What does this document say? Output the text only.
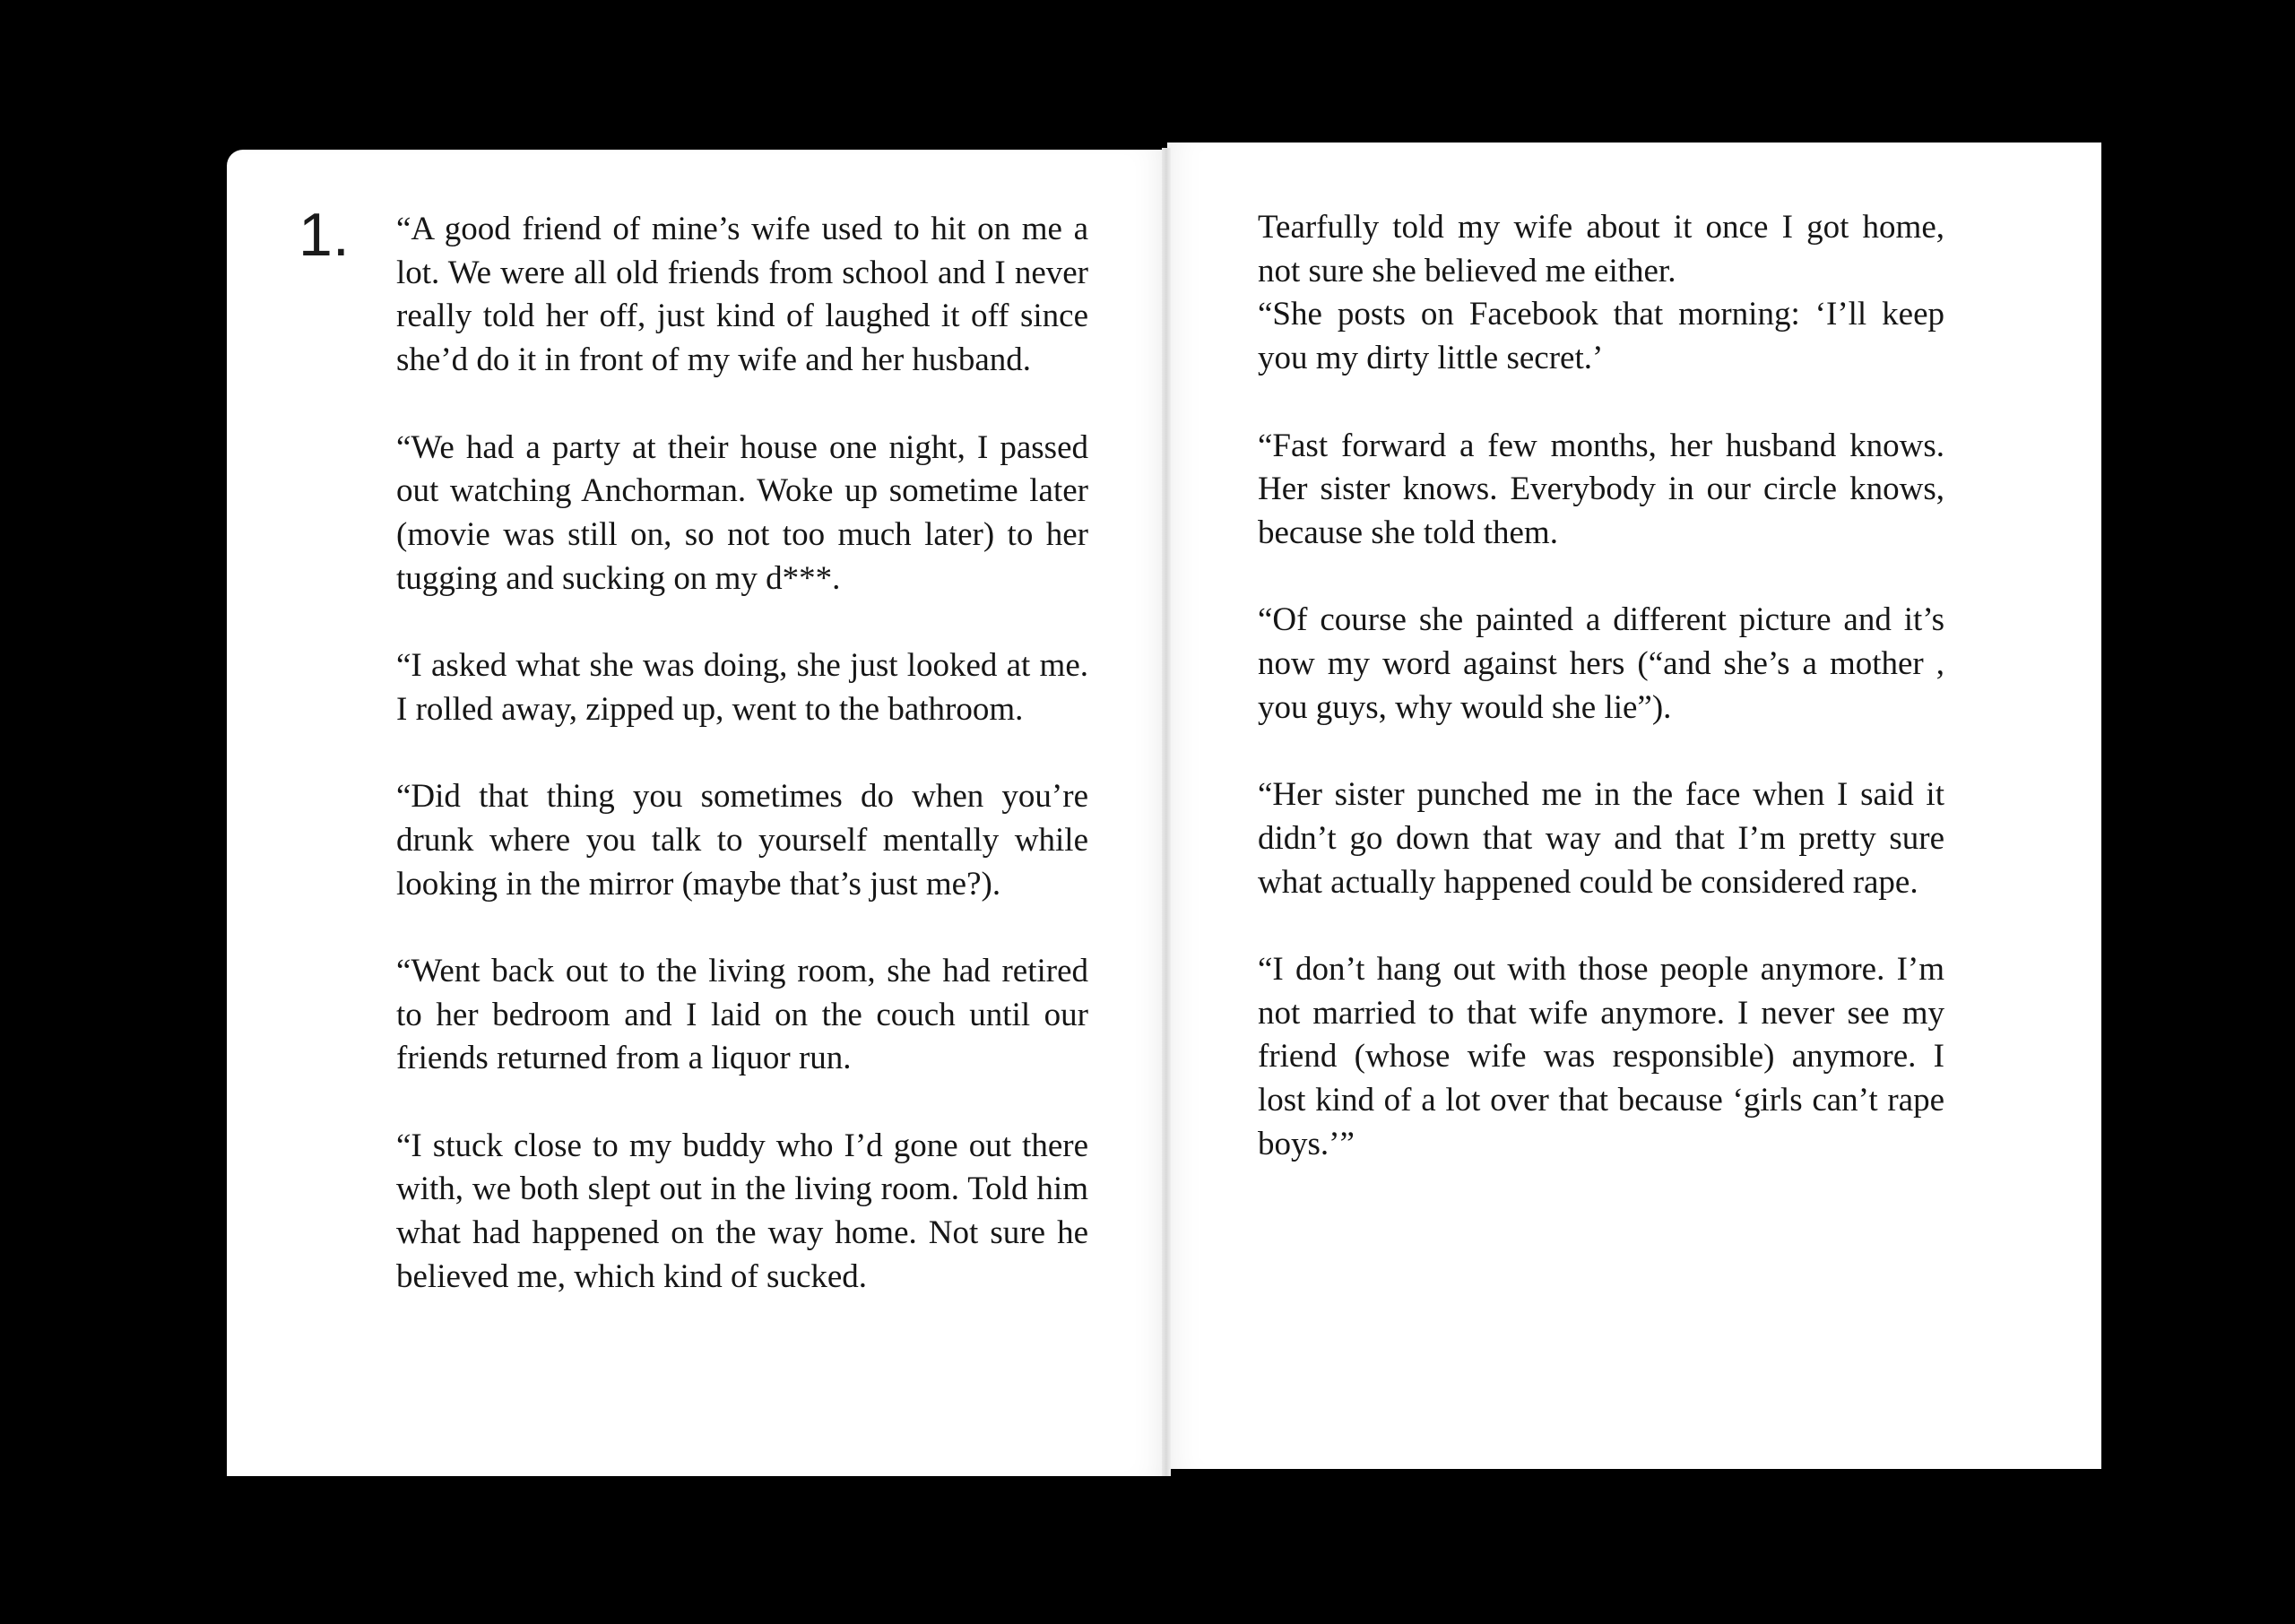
1. “A good friend of mine’s wife used to hit on me a lot. We were all old friends from school and I never really told her off, just kind of laughed it off since she’d do it in front of my wife and her husband.

“We had a party at their house one night, I passed out watching Anchorman. Woke up sometime later (movie was still on, so not too much later) to her tugging and sucking on my d***.

“I asked what she was doing, she just looked at me. I rolled away, zipped up, went to the bathroom.

“Did that thing you sometimes do when you’re drunk where you talk to yourself mentally while looking in the mirror (maybe that’s just me?).

“Went back out to the living room, she had retired to her bedroom and I laid on the couch until our friends returned from a liquor run.

“I stuck close to my buddy who I’d gone out there with, we both slept out in the living room. Told him what had happened on the way home. Not sure he believed me, which kind of sucked.

Tearfully told my wife about it once I got home, not sure she believed me either.

“She posts on Facebook that morning: ‘I’ll keep you my dirty little secret.’

“Fast forward a few months, her husband knows. Her sister knows. Everybody in our circle knows, because she told them.

“Of course she painted a different picture and it’s now my word against hers (“and she’s a mother , you guys, why would she lie”).

“Her sister punched me in the face when I said it didn’t go down that way and that I’m pretty sure what actually happened could be considered rape.

“I don’t hang out with those people anymore. I’m not married to that wife anymore. I never see my friend (whose wife was responsible) anymore. I lost kind of a lot over that because ‘girls can’t rape boys.’”
